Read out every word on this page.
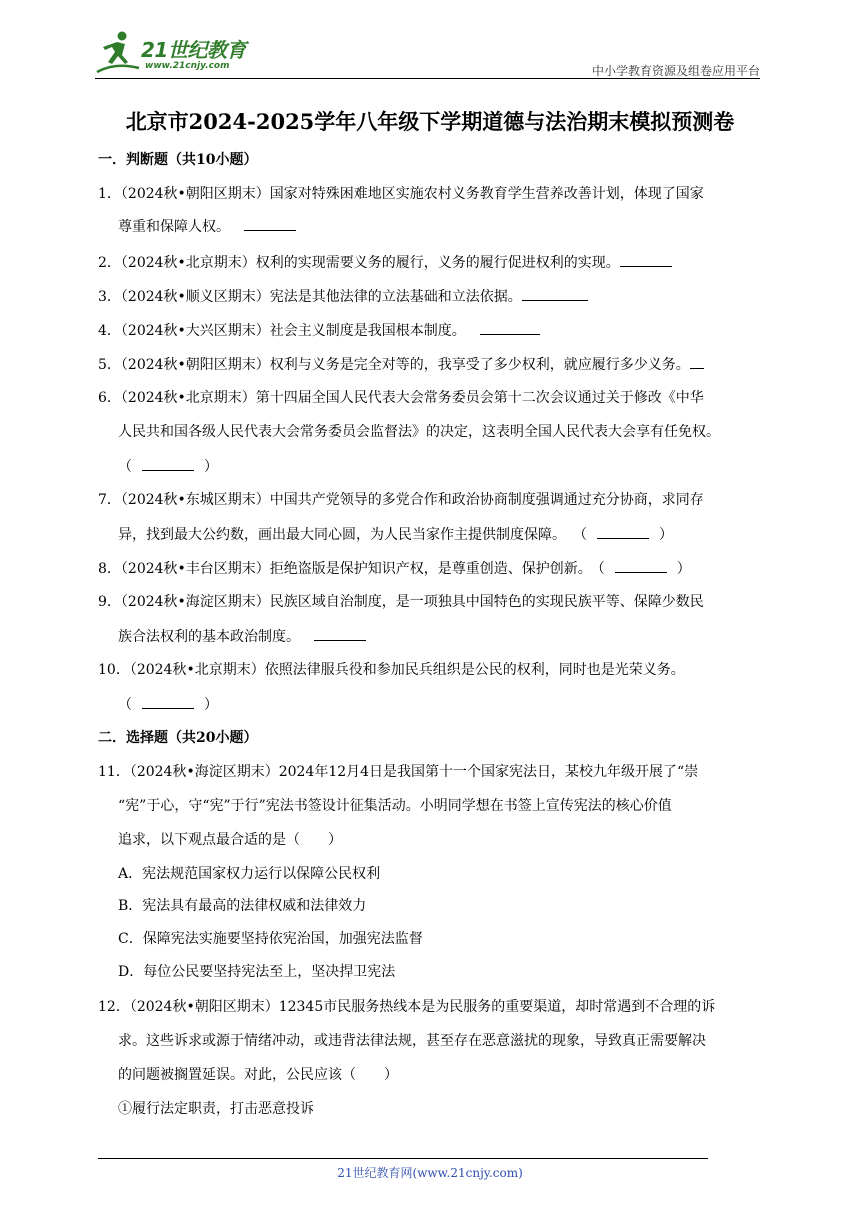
21世纪教育
www.21cnjy.com	中小学教育资源及组卷应用平台
北京市2024-2025学年八年级下学期道德与法治期末模拟预测卷
一．判断题（共10小题）
1．（2024秋•朝阳区期末）国家对特殊困难地区实施农村义务教育学生营养改善计划，体现了国家
尊重和保障人权。
2．（2024秋•北京期末）权利的实现需要义务的履行，义务的履行促进权利的实现。
3．（2024秋•顺义区期末）宪法是其他法律的立法基础和立法依据。
4．（2024秋•大兴区期末）社会主义制度是我国根本制度。
5．（2024秋•朝阳区期末）权利与义务是完全对等的，我享受了多少权利，就应履行多少义务。
6．（2024秋•北京期末）第十四届全国人民代表大会常务委员会第十二次会议通过关于修改《中华
人民共和国各级人民代表大会常务委员会监督法》的决定，这表明全国人民代表大会享有任免权。
（	）
7．（2024秋•东城区期末）中国共产党领导的多党合作和政治协商制度强调通过充分协商，求同存
异，找到最大公约数，画出最大同心圆，为人民当家作主提供制度保障。 （	）
8．（2024秋•丰台区期末）拒绝盗版是保护知识产权，是尊重创造、保护创新。 （	）
9．（2024秋•海淀区期末）民族区域自治制度，是一项独具中国特色的实现民族平等、保障少数民
族合法权利的基本政治制度。
10．（2024秋•北京期末）依照法律服兵役和参加民兵组织是公民的权利，同时也是光荣义务。
（	）
二．选择题（共20小题）
11．（2024秋•海淀区期末）2024年12月4日是我国第十一个国家宪法日，某校九年级开展了“崇
“宪”于心，守“宪”于行”宪法书签设计征集活动。小明同学想在书签上宣传宪法的核心价值
追求，以下观点最合适的是（　　）
A．宪法规范国家权力运行以保障公民权利
B．宪法具有最高的法律权威和法律效力
C．保障宪法实施要坚持依宪治国，加强宪法监督
D．每位公民要坚持宪法至上，坚决捍卫宪法
12．（2024秋•朝阳区期末）12345市民服务热线本是为民服务的重要渠道，却时常遇到不合理的诉
求。这些诉求或源于情绪冲动，或违背法律法规，甚至存在恶意滋扰的现象，导致真正需要解决
的问题被搁置延误。对此，公民应该（　　）
①履行法定职责，打击恶意投诉
21世纪教育网(www.21cnjy.com)
